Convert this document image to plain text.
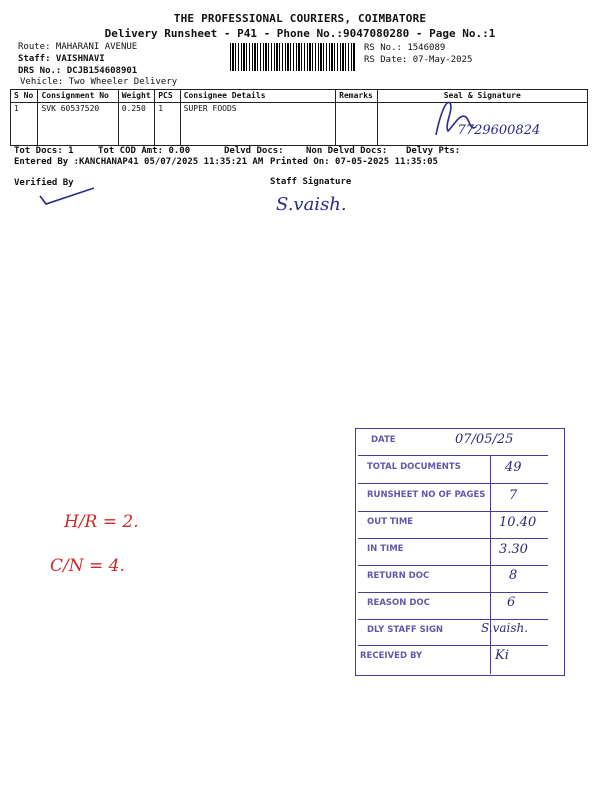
THE PROFESSIONAL COURIERS, COIMBATORE
Delivery Runsheet - P41 - Phone No.:9047080280 - Page No.:1
Route: MAHARANI AVENUE
Staff: VAISHNAVI
DRS No.: DCJB154608901
Vehicle: Two Wheeler Delivery
RS No.: 1546089
RS Date: 07-May-2025
S No	Consignment No	Weight	PCS	Consignee Details	Remarks	Seal & Signature
1	SVK 60537520	0.250	1	SUPER FOODS		7729600824
Tot Docs: 1	Tot COD Amt: 0.00	Delvd Docs: Non Delvd Docs: Delvy Pts:
Entered By :KANCHANAP41 05/07/2025 11:35:21 AM Printed On: 07-05-2025 11:35:05
Verified By	Staff Signature
S.vaish.
H/R = 2.
C/N = 4.
DATE	07/05/25
TOTAL DOCUMENTS	49
RUNSHEET NO OF PAGES 7
OUT TIME	10.40
IN TIME	3.30
RETURN DOC	8
REASON DOC	6
DLY STAFF SIGN	S.vaish.
RECEIVED BY	Ki
